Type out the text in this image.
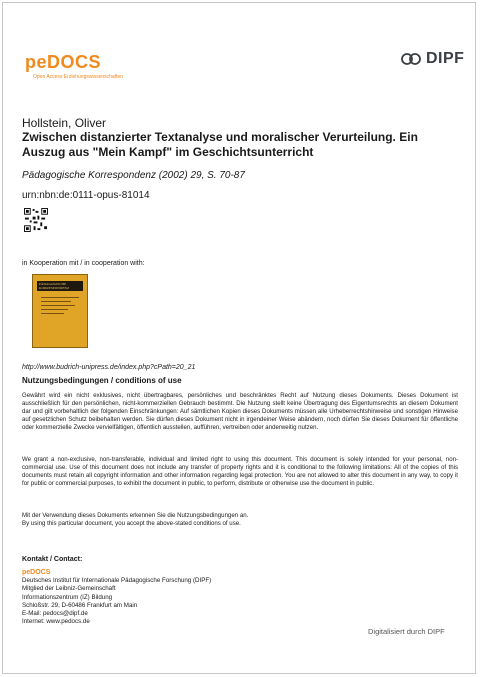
peDOCS
Open Access Erziehungswissenschaften
DIPF
Hollstein, Oliver
Zwischen distanzierter Textanalyse und moralischer Verurteilung. Ein Auszug aus "Mein Kampf" im Geschichtsunterricht
Pädagogische Korrespondenz (2002) 29, S. 70-87
urn:nbn:de:0111-opus-81014
in Kooperation mit / in cooperation with:
PÄDAGOGISCHE KORRESPONDENZ
http://www.budrich-unipress.de/index.php?cPath=20_21
Nutzungsbedingungen / conditions of use
Gewährt wird ein nicht exklusives, nicht übertragbares, persönliches und beschränktes Recht auf Nutzung dieses Dokuments. Dieses Dokument ist ausschließlich für den persönlichen, nicht-kommerziellen Gebrauch bestimmt. Die Nutzung stellt keine Übertragung des Eigentumsrechts an diesem Dokument dar und gilt vorbehaltlich der folgenden Einschränkungen: Auf sämtlichen Kopien dieses Dokuments müssen alle Urheberrechtshinweise und sonstigen Hinweise auf gesetzlichen Schutz beibehalten werden. Sie dürfen dieses Dokument nicht in irgendeiner Weise abändern, noch dürfen Sie dieses Dokument für öffentliche oder kommerzielle Zwecke vervielfältigen, öffentlich ausstellen, aufführen, vertreiben oder anderweitig nutzen.
We grant a non-exclusive, non-transferable, individual and limited right to using this document. This document is solely intended for your personal, non-commercial use. Use of this document does not include any transfer of property rights and it is conditional to the following limitations: All of the copies of this documents must retain all copyright information and other information regarding legal protection. You are not allowed to alter this document in any way, to copy it for public or commercial purposes, to exhibit the document in public, to perform, distribute or otherwise use the document in public.
Mit der Verwendung dieses Dokuments erkennen Sie die Nutzungsbedingungen an.
By using this particular document, you accept the above-stated conditions of use.
Kontakt / Contact:
peDOCS
Deutsches Institut für Internationale Pädagogische Forschung (DIPF)
Mitglied der Leibniz-Gemeinschaft
Informationszentrum (IZ) Bildung
Schloßstr. 29, D-60486 Frankfurt am Main
E-Mail: pedocs@dipf.de
Internet: www.pedocs.de
Digitalisiert durch DIPF
